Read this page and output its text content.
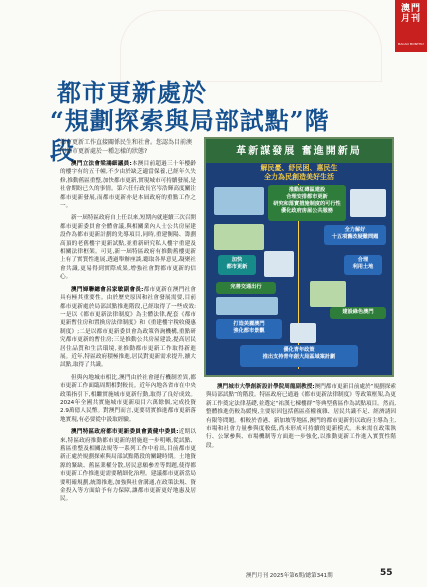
澳門月刊
MACAO MONTHLY
都市更新處於
“規劃探索與局部試點”階段
都市更新工作直接關係民生和社會。您認為目前澳門都市更新處於一種怎樣的狀態?

澳門立法會梁鴻細議員:本澳目前超過三十年樓齡的樓宇有約五千幢,不少由於缺乏適當保養,已經年久失修,推動舊區重整,加快都市更新,實現城市可持續發展,是社會期盼已久的事情。第六任行政長官岑浩輝高度關注都市更新發展,而都市更新亦是本屆政府的重點工作之一。

新一屆特區政府自上任以來,短期內就連續三次召開都市更新委員會全體會議,與相關業內人士公共房屋建設作為都市更新計劃的先導項目,同時,重建衡陽、籌劃高頂的老舊樓宇更新試點,並重新研究私人樓宇重建及相關法律框架。可見,新一屆特區政府有推動舊樓更新上有了實質性進展,透過舉辦座談,聽取各界意見,凝聚社會共識,更易得到實際成果,增強社會對都市更新的信心。

澳門婦聯總會呂家敏副會長:都市更新在澳門社會具有極其重要性。由於歷史原因和社會發展需要,目前都市更新處於局部試點推進階段,已經取得了一些成效:一是以《都市更新法律制度》為主體法律,配套《都市更新暫住房和置換房法律制度》和《重建樓宇稅收優惠制度》;二是以都市更新委員會為政策咨詢機構,重點研究都市更新的暫住房;三是推動公共房屋建設,提高居民居住品質和生活環境,並推動都市更新工作取得新進展。近年,特區政府積極推進,居民對更新需求提升,擴大試點,取得了共識。

但與內地城市相比,澳門由於社會運行機制差異,都市更新工作面臨周期相對較長。近年內地各省市在中央政策指引下,相繼實施城市更新行動,取得了良好成效。2024年全國共實施城市更新項目六萬餘個,完成投資2.9萬億人民幣。對澳門而言,更要切實推進都市更新落地實現,有必要從中汲取經驗。

澳門特區政府都市更新委員會黃健中委員:近期以來,特區政府推動都市更新的措施進一步明晰,從試點、舊區重整及相關法規等一系列工作中看出,目前都市更新正處於規劃探索與局部試點階段的關鍵時期。土地資源的緊缺、舊區業權分散,居民意願參差等問題,使得都市更新工作推進更需要精細化治理。建議都市更新當局要明確規劃,統籌推進,加強與社會溝通,在政策法規、資金投入等方面給予有力保障,讓都市更新更好地惠及居民。

革新謀發展 奮進開新局
解民憂、紓民困、惠民生
全力為民創造美好生活
推動紅磚區建設
合理安排都市更新
研究和落實措施制度的可行性
優化政府房屋公共服務
全力解好
十五項舊改疑難問題
加快
都市更新
合理
利用土地
完善交通出行
建設綠色澳門
打造美麗澳門
強化都市景觀
優化青年政策
推出支持青年創大局區域案計劃
澳門城市大學創新設計學院周龍副教授:澳門都市更新目前處於“規劃探索與局部試點”的階段。特區政府已通過《都市更新法律制度》等政策框架,為更新工作奠定法律基礎,並選定“祐漢七棟樓群”等典型舊區作為試點項目。然而,整體推進仍較為緩慢,主要原因包括舊區產權複雜、居民共識不足、經濟誘因有限等問題。相較於香港、新加坡等地區,澳門的都市更新仍以政府主導為主,市場和社會力量參與度較低,尚未形成可持續的更新模式。未來需在政策執行、公眾參與、市場機制等方面進一步強化,以推動更新工作進入實質性階段。
澳門月刊 2025年第6期/總第341期	55
